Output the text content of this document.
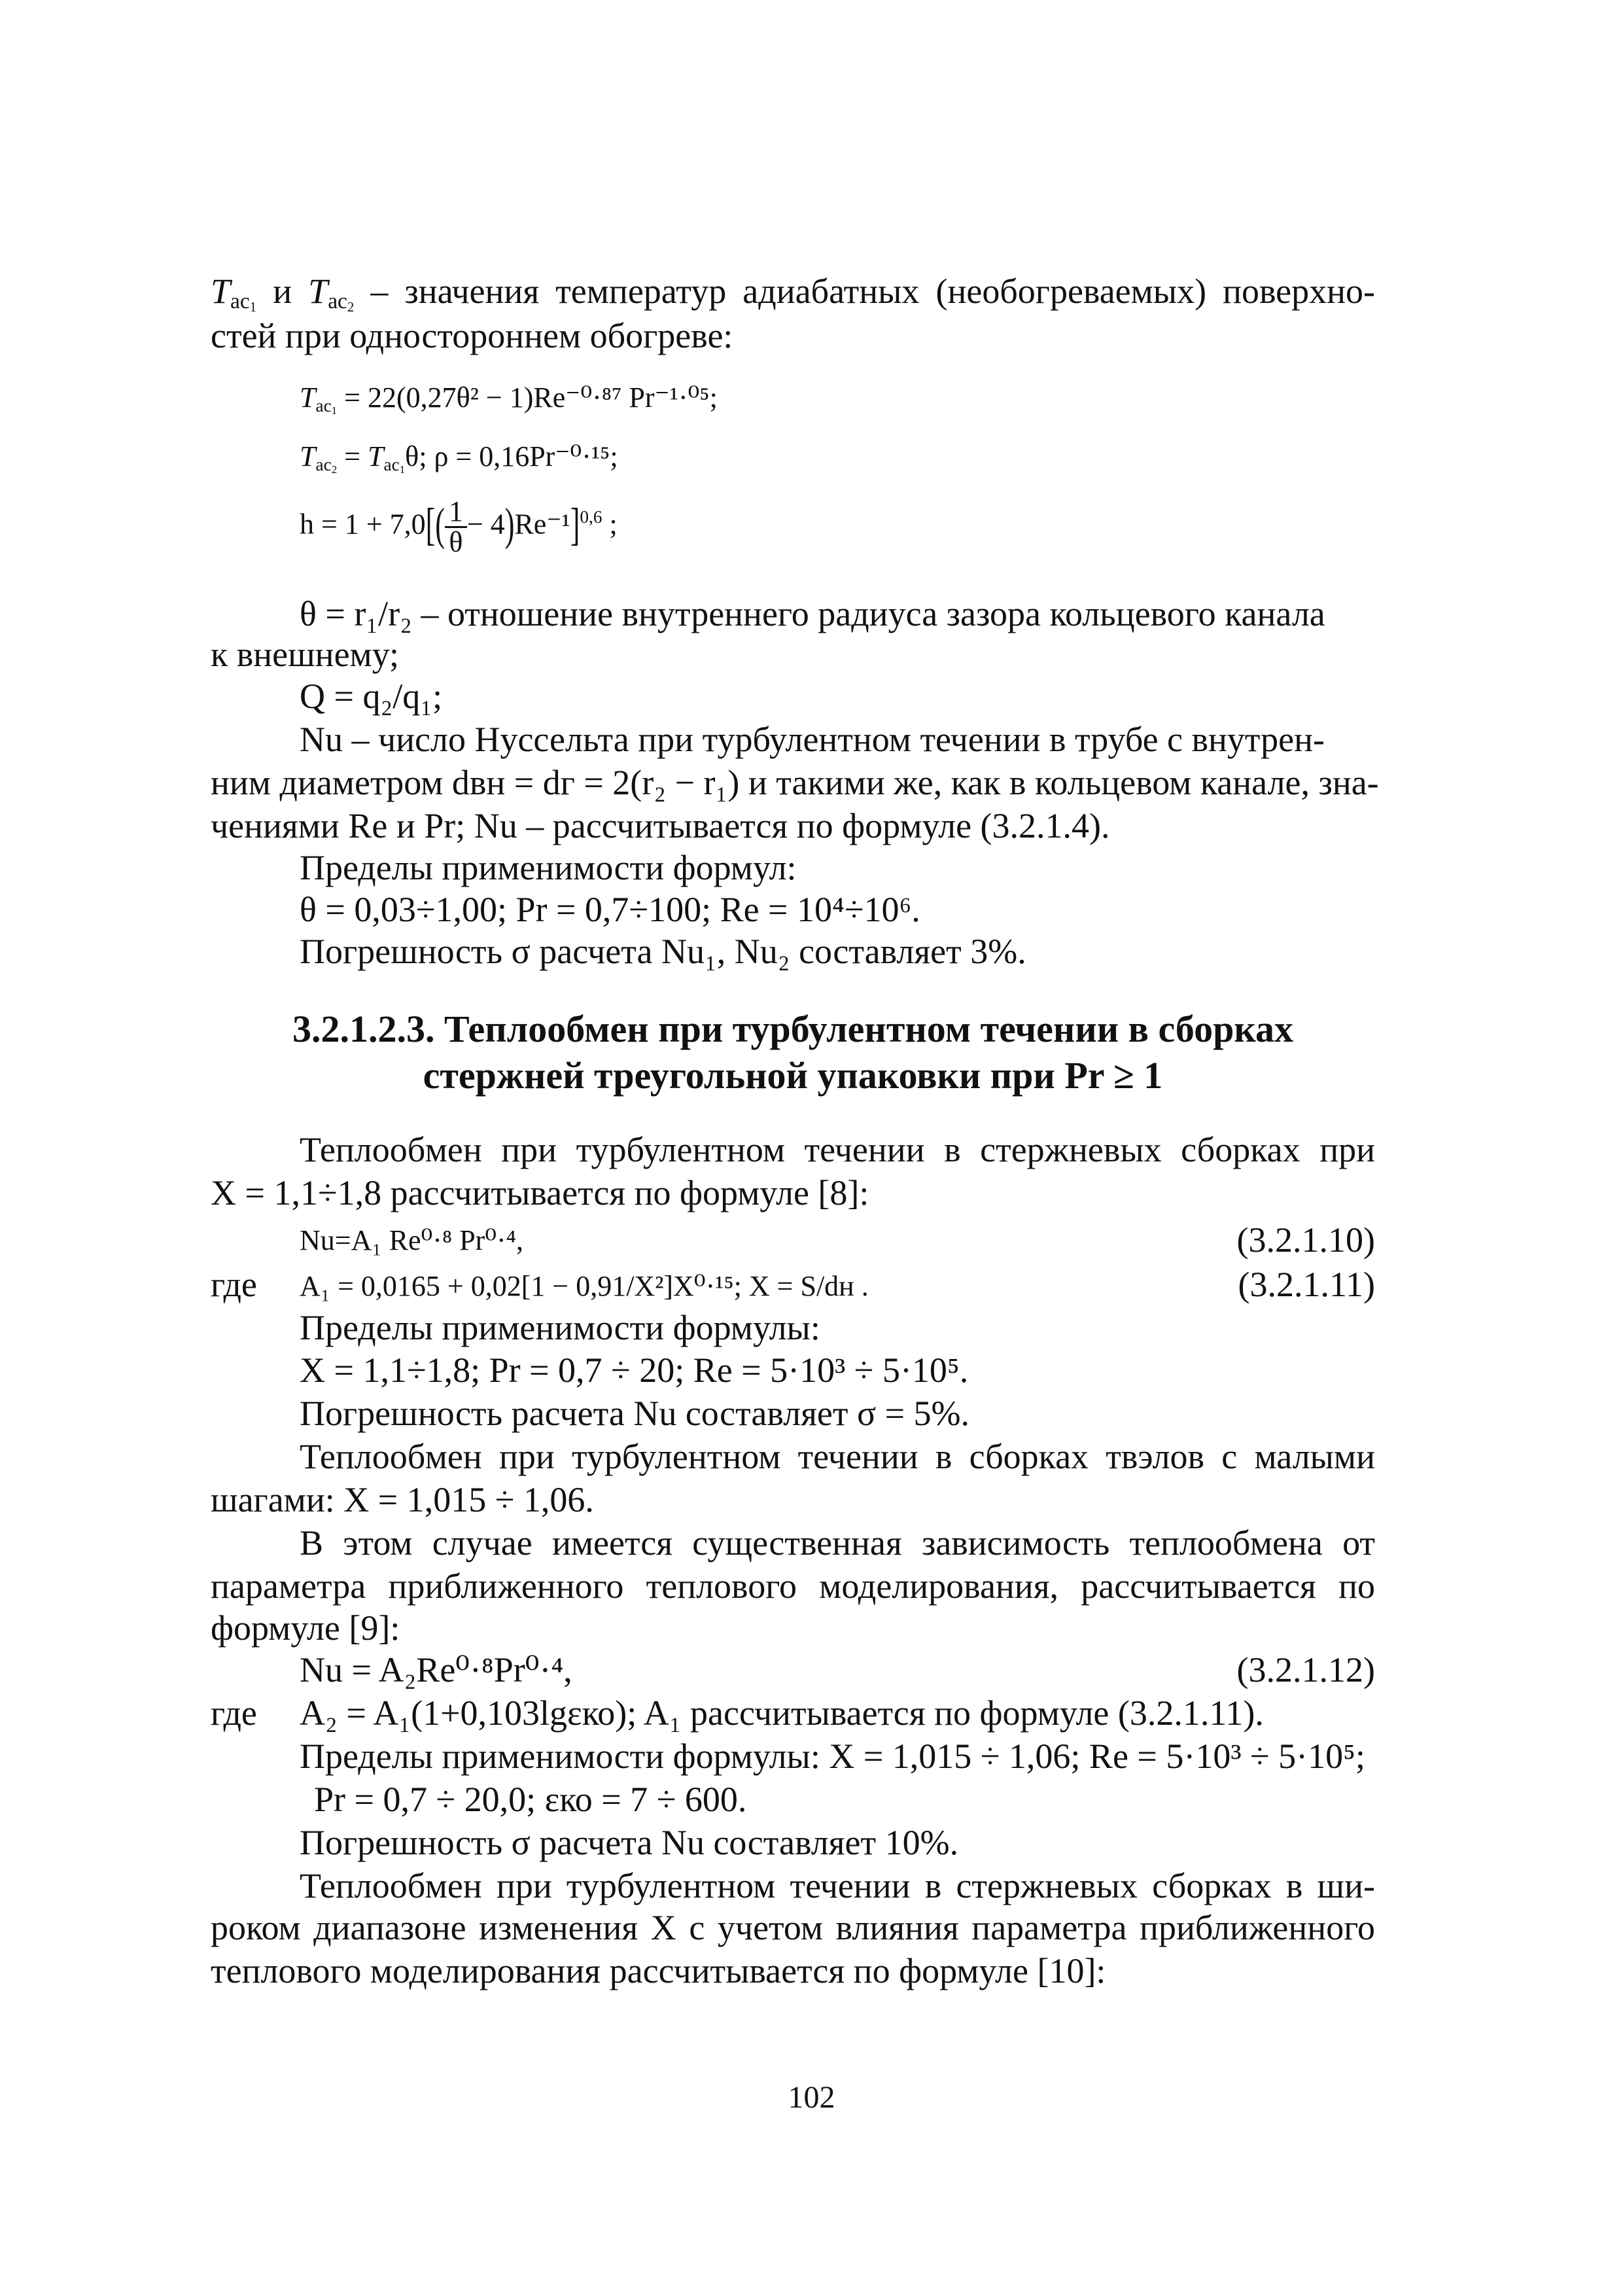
$T_{ac_1}$ и $T_{ac_2}$ – значения температур адиабатных (необогреваемых) поверхно-
стей при одностороннем обогреве:
$T_{ac_1} = 22(0,27\theta^2 - 1)Re^{-0}\cdot^{87}$ Pr⁻¹·⁰⁵;
$T_{ac_2} = T_{ac_1}\theta$; ρ = 0,16Pr⁻⁰·¹⁵;
$h = 1 + 7,0[( \frac{1}{\theta} - 4)Re^{-1}]^{0,6}$ ;
θ = r₁/r₂ – отношение внутреннего радиуса зазора кольцевого канала
к внешнему;
Q = q₂/q₁;
Nu – число Нуссельта при турбулентном течении в трубе с внутрен-
ним диаметром dвн = dг = 2(r₂ − r₁) и такими же, как в кольцевом канале, зна-
чениями Re и Pr; Nu – рассчитывается по формуле (3.2.1.4).
Пределы применимости формул:
θ = 0,03÷1,00; Pr = 0,7÷100; Re = 10⁴÷10⁶.
Погрешность σ расчета Nu₁, Nu₂ составляет 3%.
3.2.1.2.3. Теплообмен при турбулентном течении в сборках
стержней треугольной упаковки при Pr ≥ 1
Теплообмен при турбулентном течении в стержневых сборках при
X = 1,1÷1,8 рассчитывается по формуле [8]:
Nu=A₁ Re⁰·⁸ Pr⁰·⁴,	(3.2.1.10)
где	A₁ = 0,0165 + 0,02[1 − 0,91/X²]X⁰·¹⁵; X = S/dн .	(3.2.1.11)
Пределы применимости формулы:
X = 1,1÷1,8; Pr = 0,7 ÷ 20; Re = 5·10³ ÷ 5·10⁵.
Погрешность расчета Nu составляет σ = 5%.
Теплообмен при турбулентном течении в сборках твэлов с малыми
шагами: X = 1,015 ÷ 1,06.
В этом случае имеется существенная зависимость теплообмена от
параметра приближенного теплового моделирования, рассчитывается по
формуле [9]:
Nu = A₂Re⁰·⁸Pr⁰·⁴,	(3.2.1.12)
где	A₂ = A₁(1+0,103lgεко); A₁ рассчитывается по формуле (3.2.1.11).
Пределы применимости формулы: X = 1,015 ÷ 1,06; Re = 5·10³ ÷ 5·10⁵;
Pr = 0,7 ÷ 20,0; εко = 7 ÷ 600.
Погрешность σ расчета Nu составляет 10%.
Теплообмен при турбулентном течении в стержневых сборках в ши-
роком диапазоне изменения X с учетом влияния параметра приближенного
теплового моделирования рассчитывается по формуле [10]:
102
